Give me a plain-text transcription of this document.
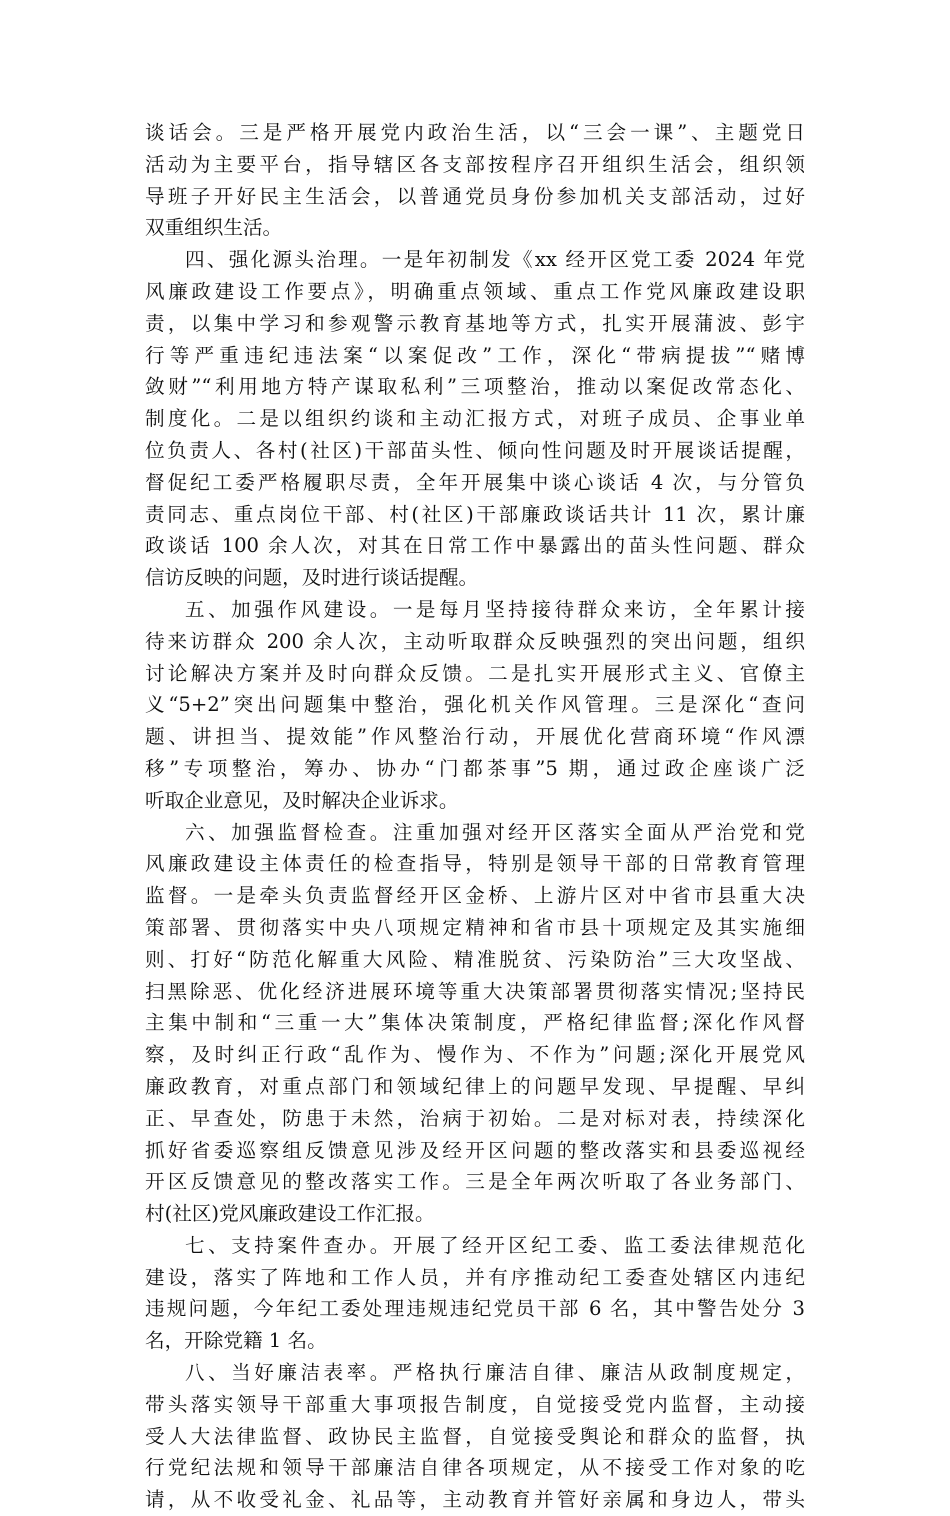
谈话会。三是严格开展党内政治生活，以“三会一课”、主题党日
活动为主要平台，指导辖区各支部按程序召开组织生活会，组织领
导班子开好民主生活会，以普通党员身份参加机关支部活动，过好
双重组织生活。
四、强化源头治理。一是年初制发《xx 经开区党工委 2024 年党
风廉政建设工作要点》，明确重点领域、重点工作党风廉政建设职
责，以集中学习和参观警示教育基地等方式，扎实开展蒲波、彭宇
行等严重违纪违法案“以案促改”工作，深化“带病提拔”“赌博
敛财”“利用地方特产谋取私利”三项整治，推动以案促改常态化、
制度化。二是以组织约谈和主动汇报方式，对班子成员、企事业单
位负责人、各村(社区)干部苗头性、倾向性问题及时开展谈话提醒，
督促纪工委严格履职尽责，全年开展集中谈心谈话 4 次，与分管负
责同志、重点岗位干部、村(社区)干部廉政谈话共计 11 次，累计廉
政谈话 100 余人次，对其在日常工作中暴露出的苗头性问题、群众
信访反映的问题，及时进行谈话提醒。
五、加强作风建设。一是每月坚持接待群众来访，全年累计接
待来访群众 200 余人次，主动听取群众反映强烈的突出问题，组织
讨论解决方案并及时向群众反馈。二是扎实开展形式主义、官僚主
义“5+2”突出问题集中整治，强化机关作风管理。三是深化“查问
题、讲担当、提效能”作风整治行动，开展优化营商环境“作风漂
移”专项整治，筹办、协办“门都茶事”5 期，通过政企座谈广泛
听取企业意见，及时解决企业诉求。
六、加强监督检查。注重加强对经开区落实全面从严治党和党
风廉政建设主体责任的检查指导，特别是领导干部的日常教育管理
监督。一是牵头负责监督经开区金桥、上游片区对中省市县重大决
策部署、贯彻落实中央八项规定精神和省市县十项规定及其实施细
则、打好“防范化解重大风险、精准脱贫、污染防治”三大攻坚战、
扫黑除恶、优化经济进展环境等重大决策部署贯彻落实情况;坚持民
主集中制和“三重一大”集体决策制度，严格纪律监督;深化作风督
察，及时纠正行政“乱作为、慢作为、不作为”问题;深化开展党风
廉政教育，对重点部门和领域纪律上的问题早发现、早提醒、早纠
正、早查处，防患于未然，治病于初始。二是对标对表，持续深化
抓好省委巡察组反馈意见涉及经开区问题的整改落实和县委巡视经
开区反馈意见的整改落实工作。三是全年两次听取了各业务部门、
村(社区)党风廉政建设工作汇报。
七、支持案件查办。开展了经开区纪工委、监工委法律规范化
建设，落实了阵地和工作人员，并有序推动纪工委查处辖区内违纪
违规问题，今年纪工委处理违规违纪党员干部 6 名，其中警告处分 3
名，开除党籍 1 名。
八、当好廉洁表率。严格执行廉洁自律、廉洁从政制度规定，
带头落实领导干部重大事项报告制度，自觉接受党内监督，主动接
受人大法律监督、政协民主监督，自觉接受舆论和群众的监督，执
行党纪法规和领导干部廉洁自律各项规定，从不接受工作对象的吃
请，从不收受礼金、礼品等，主动教育并管好亲属和身边人，带头
